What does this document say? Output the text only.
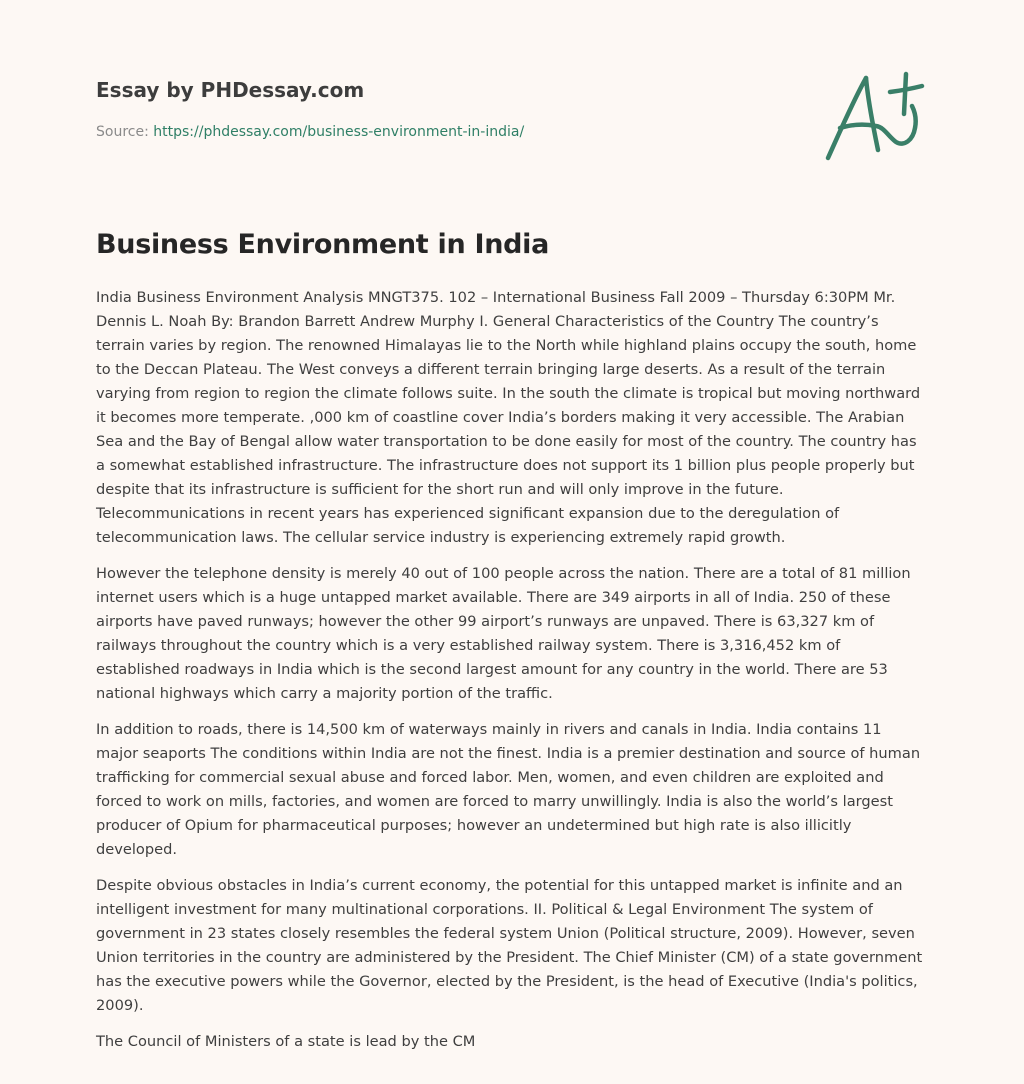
Essay by PHDessay.com
Source: https://phdessay.com/business-environment-in-india/
Business Environment in India

India Business Environment Analysis MNGT375. 102 – International Business Fall 2009 – Thursday 6:30PM Mr. Dennis L. Noah By: Brandon Barrett Andrew Murphy I. General Characteristics of the Country The country’s terrain varies by region. The renowned Himalayas lie to the North while highland plains occupy the south, home to the Deccan Plateau. The West conveys a different terrain bringing large deserts. As a result of the terrain varying from region to region the climate follows suite. In the south the climate is tropical but moving northward it becomes more temperate. ,000 km of coastline cover India’s borders making it very accessible. The Arabian Sea and the Bay of Bengal allow water transportation to be done easily for most of the country. The country has a somewhat established infrastructure. The infrastructure does not support its 1 billion plus people properly but despite that its infrastructure is sufficient for the short run and will only improve in the future. Telecommunications in recent years has experienced significant expansion due to the deregulation of telecommunication laws. The cellular service industry is experiencing extremely rapid growth.

However the telephone density is merely 40 out of 100 people across the nation. There are a total of 81 million internet users which is a huge untapped market available. There are 349 airports in all of India. 250 of these airports have paved runways; however the other 99 airport’s runways are unpaved. There is 63,327 km of railways throughout the country which is a very established railway system. There is 3,316,452 km of established roadways in India which is the second largest amount for any country in the world. There are 53 national highways which carry a majority portion of the traffic.

In addition to roads, there is 14,500 km of waterways mainly in rivers and canals in India. India contains 11 major seaports The conditions within India are not the finest. India is a premier destination and source of human trafficking for commercial sexual abuse and forced labor. Men, women, and even children are exploited and forced to work on mills, factories, and women are forced to marry unwillingly. India is also the world’s largest producer of Opium for pharmaceutical purposes; however an undetermined but high rate is also illicitly developed.

Despite obvious obstacles in India’s current economy, the potential for this untapped market is infinite and an intelligent investment for many multinational corporations. II. Political & Legal Environment The system of government in 23 states closely resembles the federal system Union (Political structure, 2009). However, seven Union territories in the country are administered by the President. The Chief Minister (CM) of a state government has the executive powers while the Governor, elected by the President, is the head of Executive (India's politics, 2009).

The Council of Ministers of a state is lead by the CM
